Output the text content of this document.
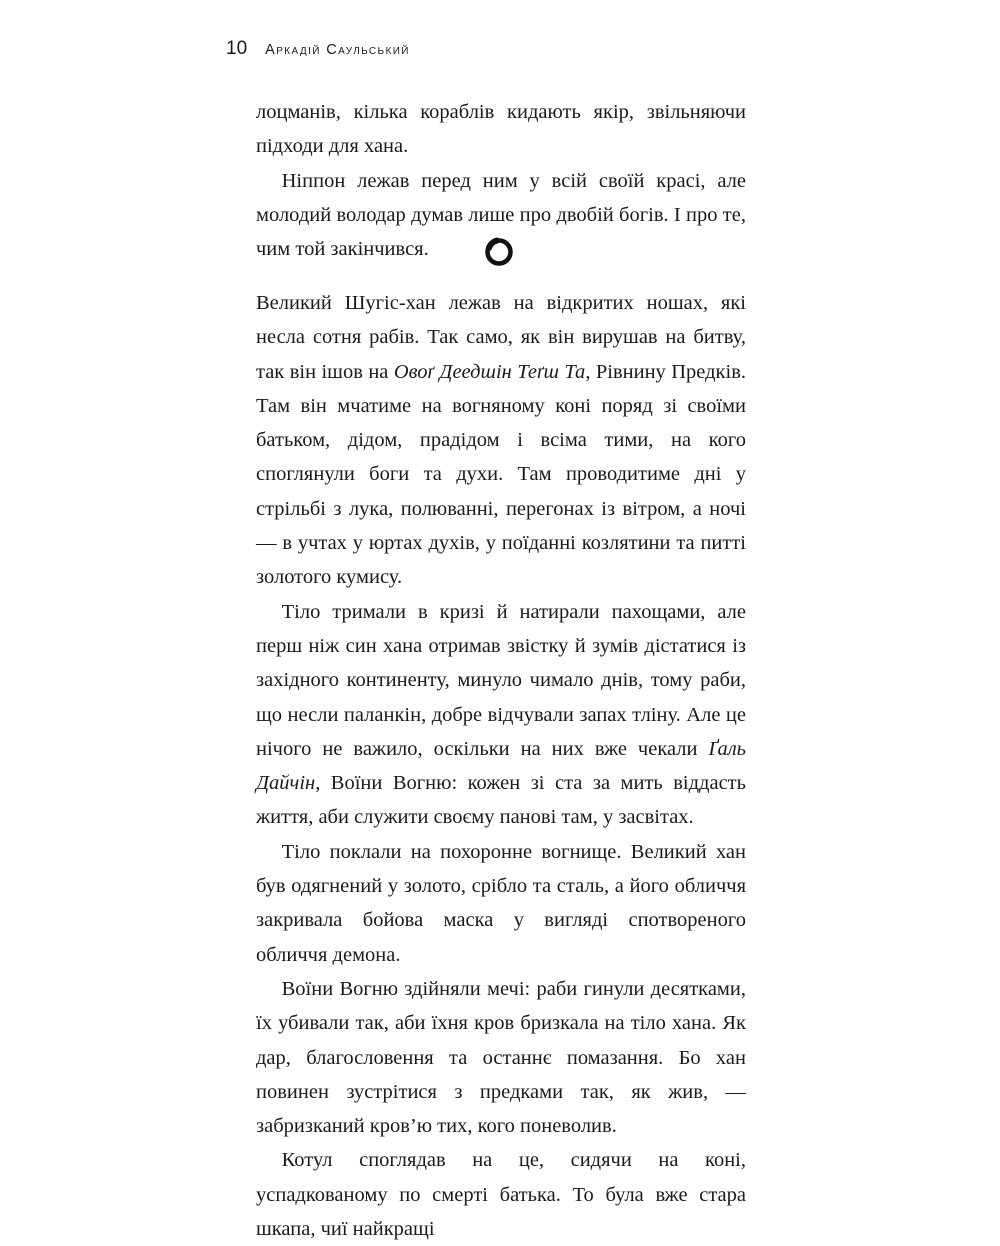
10 Аркадій Саульський

лоцманів, кілька кораблів кидають якір, звільняючи підходи для хана.

Ніппон лежав перед ним у всій своїй красі, але молодий володар думав лише про двобій богів. І про те, чим той закінчився.

Великий Шугіс-хан лежав на відкритих ношах, які несла сотня рабів. Так само, як він вирушав на битву, так він ішов на Овоґ Деедшін Теґш Та, Рівнину Предків. Там він мчатиме на вогняному коні поряд зі своїми батьком, дідом, прадідом і всіма тими, на кого споглянули боги та духи. Там проводитиме дні у стрільбі з лука, полюванні, перегонах із вітром, а ночі — в учтах у юртах духів, у поїданні козлятини та питті золотого кумису.

Тіло тримали в кризі й натирали пахощами, але перш ніж син хана отримав звістку й зумів дістатися із західного континенту, минуло чимало днів, тому раби, що несли паланкін, добре відчували запах тліну. Але це нічого не важило, оскільки на них вже чекали Ґаль Дайчін, Воїни Вогню: кожен зі ста за мить віддасть життя, аби служити своєму панові там, у засвітах.

Тіло поклали на похоронне вогнище. Великий хан був одягнений у золото, срібло та сталь, а його обличчя закривала бойова маска у вигляді спотвореного обличчя демона.

Воїни Вогню здійняли мечі: раби гинули десятками, їх убивали так, аби їхня кров бризкала на тіло хана. Як дар, благословення та останнє помазання. Бо хан повинен зустрітися з предками так, як жив, — забризканий кров’ю тих, кого поневолив.

Котул споглядав на це, сидячи на коні, успадкованому по смерті батька. То була вже стара шкапа, чиї найкращі
